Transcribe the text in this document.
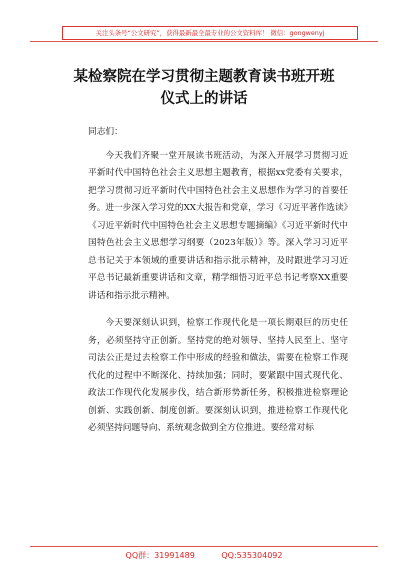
关注头条号“公文研究”，获得最新最全最专业的公文资料库！ 微信：gongwenyj
某检察院在学习贯彻主题教育读书班开班
仪式上的讲话

同志们：

今天我们齐聚一堂开展读书班活动，为深入开展学习贯彻习近平新时代中国特色社会主义思想主题教育，根据xx党委有关要求，把学习贯彻习近平新时代中国特色社会主义思想作为学习的首要任务。进一步深入学习党的XX大报告和党章，学习《习近平著作选读》《习近平新时代中国特色社会主义思想专题摘编》《习近平新时代中国特色社会主义思想学习纲要（2023年版）》等。深入学习习近平总书记关于本领域的重要讲话和指示批示精神，及时跟进学习习近平总书记最新重要讲话和文章，精学细悟习近平总书记考察XX重要讲话和指示批示精神。

今天要深刻认识到，检察工作现代化是一项长期艰巨的历史任务，必须坚持守正创新。坚持党的绝对领导、坚持人民至上、坚守司法公正是过去检察工作中形成的经验和做法，需要在检察工作现代化的过程中不断深化、持续加强；同时，要紧跟中国式现代化、政法工作现代化发展步伐，结合新形势新任务，积极推进检察理论创新、实践创新、制度创新。要深刻认识到，推进检察工作现代化必须坚持问题导向、系统观念做到全方位推进。要经常对标

QQ群：31991489	QQ:535304092
